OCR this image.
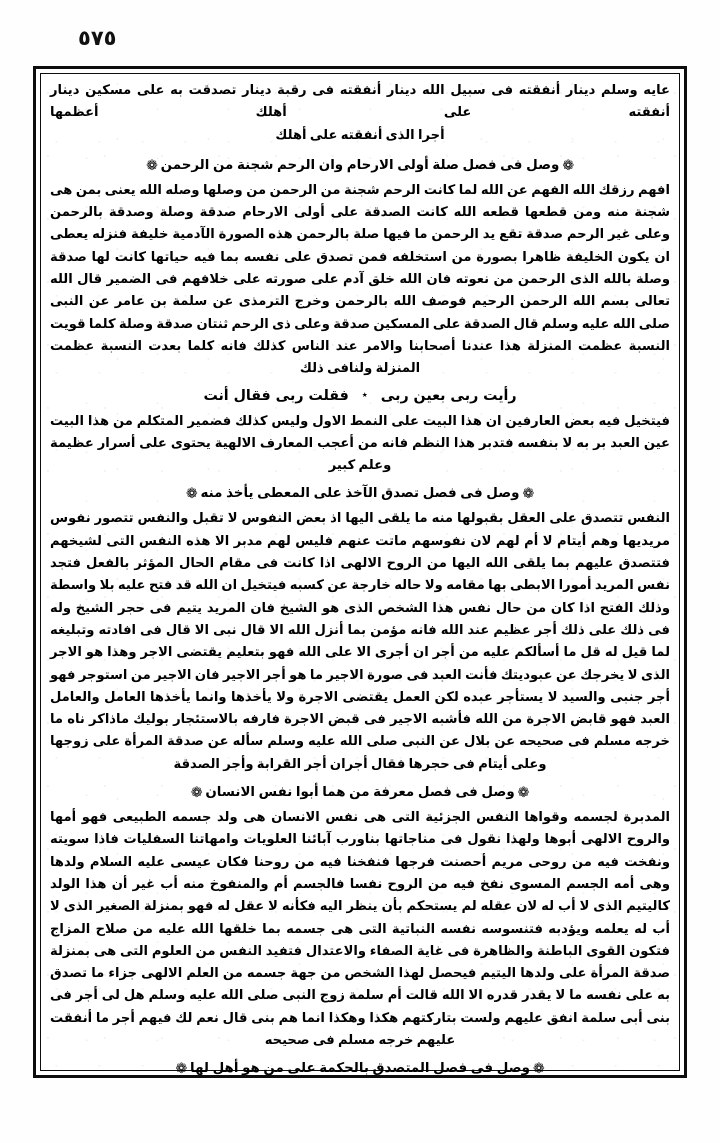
٥٧٥
عايه وسلم دينار أنفقته فى سبيل الله دينار أنفقته فى رقبة دينار تصدقت به على مسكين دينار أنفقته على أهلك أعظمها
أجرا الذى أنفقته على أهلك
❁وصل فى فصل صلة أولى الارحام وان الرحم شجنة من الرحمن❁
افهم رزقك الله الفهم عن الله لما كانت الرحم شجنة من الرحمن من وصلها وصله الله يعنى بمن هى شجنة منه ومن قطعها قطعه الله كانت الصدقة على أولى الارحام صدقة وصلة وصدقة بالرحمن وعلى غير الرحم صدقة تقع يد الرحمن ما فيها صلة بالرحمن هذه الصورة الآدمية خليفة فنزله يعطى ان يكون الخليفة ظاهرا بصورة من استخلفه فمن تصدق على نفسه بما فيه حياتها كانت لها صدقة وصلة بالله الذى الرحمن من نعوته فان الله خلق آدم على صورته على خلافهم فى الضمير قال الله تعالى بسم الله الرحمن الرحيم فوصف الله بالرحمن وخرج الترمذى عن سلمة بن عامر عن النبى صلى الله عليه وسلم قال الصدقة على المسكين صدقة وعلى ذى الرحم ثنتان صدقة وصلة كلما قويت النسبة عظمت المنزلة هذا عندنا أصحابنا والامر عند الناس كذلك فانه كلما بعدت النسبة عظمت المنزلة ولنافى ذلك
رأيت ربى بعين ربى٭فقلت ربى فقال أنت
فيتخيل فيه بعض العارفين ان هذا البيت على النمط الاول وليس كذلك فضمير المتكلم من هذا البيت عين العبد بر به لا بنفسه فتدبر هذا النظم فانه من أعجب المعارف الالهية يحتوى على أسرار عظيمة وعلم كبير
❁وصل فى فصل تصدق الآخذ على المعطى يأخذ منه❁
النفس تتصدق على العقل بقبولها منه ما يلقى اليها اذ بعض النفوس لا تقبل والنفس تتصور نفوس مريديها وهم أيتام لا أم لهم لان نفوسهم ماتت عنهم فليس لهم مدبر الا هذه النفس التى لشيخهم فتتصدق عليهم بما يلقى الله اليها من الروح الالهى اذا كانت فى مقام الحال المؤثر بالفعل فتجد نفس المريد أمورا الابطى بها مقامه ولا حاله خارجة عن كسبه فيتخيل ان الله قد فتح عليه بلا واسطة وذلك الفتح اذا كان من حال نفس هذا الشخص الذى هو الشيخ فان المريد يتيم فى حجر الشيخ وله فى ذلك على ذلك أجر عظيم عند الله فانه مؤمن بما أنزل الله الا قال نبى الا قال فى افادته وتبليغه لما قيل له قل ما أسألكم عليه من أجر ان أجرى الا على الله فهو بتعليم يقتضى الاجر وهذا هو الاجر الذى لا يخرجك عن عبوديتك فأنت العبد فى صورة الاجير ما هو أجر الاجير فان الاجير من استوجر فهو أجر جنبى والسيد لا يستأجر عبده لكن العمل يقتضى الاجرة ولا يأخذها وانما يأخذها العامل والعامل العبد فهو قابض الاجرة من الله فأشبه الاجير فى قبض الاجرة فارفه بالاستئجار بوليك ماذاكر ناه ما خرجه مسلم فى صحيحه عن بلال عن النبى صلى الله عليه وسلم سأله عن صدقة المرأة على زوجها وعلى أيتام فى حجرها فقال أجران أجر القرابة وأجر الصدقة
❁وصل فى فصل معرفة من هما أبوا نفس الانسان❁
المدبرة لجسمه وقواها النفس الجزئية التى هى نفس الانسان هى ولد جسمه الطبيعى فهو أمها والروح الالهى أبوها ولهذا نقول فى مناجاتها بناورب آبائنا العلويات وامهاتنا السفليات فاذا سويته ونفخت فيه من روحى مريم أحصنت فرجها فنفخنا فيه من روحنا فكان عيسى عليه السلام ولدها وهى أمه الجسم المسوى نفخ فيه من الروح نفسا فالجسم أم والمنفوخ منه أب غير أن هذا الولد كاليتيم الذى لا أب له لان عقله لم يستحكم بأن ينظر اليه فكأنه لا عقل له فهو بمنزلة الصغير الذى لا أب له يعلمه ويؤدبه فتنسوسه نفسه النباتية التى هى جسمه بما خلقها الله عليه من صلاح المزاج فتكون القوى الباطنة والظاهرة فى غاية الصفاء والاعتدال فتفيد النفس من العلوم التى هى بمنزلة صدقة المرأة على ولدها اليتيم فيحصل لهذا الشخص من جهة جسمه من العلم الالهى جزاء ما تصدق به على نفسه ما لا يقدر قدره الا الله قالت أم سلمة زوج النبى صلى الله عليه وسلم هل لى أجر فى بنى أبى سلمة انفق عليهم ولست بتاركتهم هكذا وهكذا انما هم بنى قال نعم لك فيهم أجر ما أنفقت عليهم خرجه مسلم فى صحيحه
❁وصل فى فصل المتصدق بالحكمة على من هو أهل لها❁
